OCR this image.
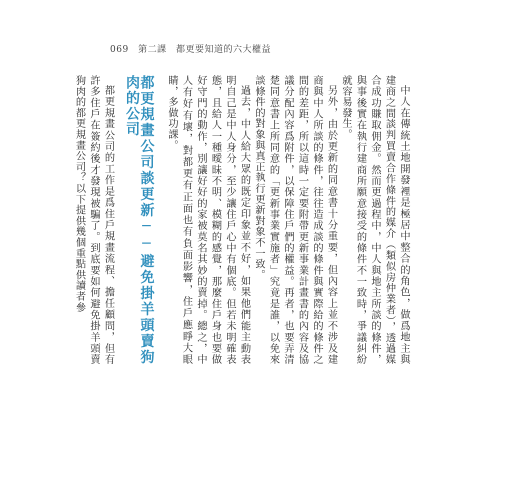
069 第二課 都更要知道的六大權益

中人在傳統土地開發裡是極居中整合的角色，做爲地主與建商之間談判買賣合作條件的媒介（類似房仲業者），透過媒合成功賺取佣金。然而更過程中，中人與地主所談的條件，與事後實在執行建商所願意接受的條件不一致時，爭議糾紛就容易發生。

另外，由於更新的同意書十分重要，但內容上並不涉及建商與中人所談的條件，往往造成談的條件與實際給的條件之間的差距，所以這時一定要附帶更新事業計畫書的內容及協議分配內容爲附件，以保障住戶們的權益。再者，也要弄清楚同意書上所同意的「更新事業實施者」究竟是誰，以免來談條件的對象與真正執行更新對象不一致。

過去，中人給大眾的既定印象並不好，如果他們能主動表明自己是中人身分，至少讓住戶心中有個底。但若未明確表態，且給人一種曖昧不明、模糊的感覺，那麼住戶身也要做好守門的動作，別讓好好的家被莫名其妙的賣掉。總之，中人有好有壞，對都更有正面也有負面影響，住戶應睜大眼睛，多做功課。

都更規畫公司談更新──避免掛羊頭賣狗肉的公司

都更規畫公司的工作是爲住戶規畫流程、擔任顧問，但有許多住戶在簽約後才發現被騙了。到底要如何避免掛羊頭賣狗肉的都更規畫公司？以下提供幾個重點供讀者參
